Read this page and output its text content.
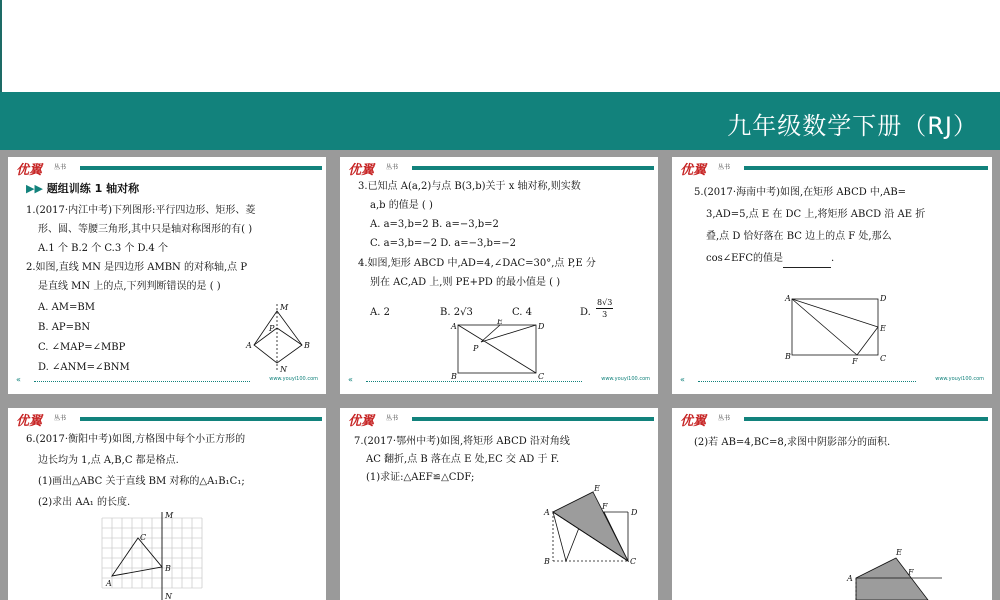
九年级数学下册（RJ）
优翼 丛书
▶▶ 题组训练 1 轴对称
1.(2017·内江中考)下列图形:平行四边形、矩形、菱
形、圆、等腰三角形,其中只是轴对称图形的有( )
A.1 个 B.2 个 C.3 个 D.4 个
2.如图,直线 MN 是四边形 AMBN 的对称轴,点 P
是直线 MN 上的点,下列判断错误的是 ( )
A. AM=BM
B. AP=BN
C. ∠MAP=∠MBP
D. ∠ANM=∠BNM
M
P
A	B
N
«	www.youyi100.com
优翼 丛书
3.已知点 A(a,2)与点 B(3,b)关于 x 轴对称,则实数
a,b 的值是 ( )
A. a=3,b=2 B. a=−3,b=2
C. a=3,b=−2 D. a=−3,b=−2
4.如图,矩形 ABCD 中,AD=4,∠DAC=30°,点 P,E 分
别在 AC,AD 上,则 PE+PD 的最小值是 ( )
A. 2	B. 2√3	C. 4	D. $\frac{8√3}{3}$
A
E
D
P
B	C
«	www.youyi100.com
优翼 丛书
5.(2017·海南中考)如图,在矩形 ABCD 中,AB=
3,AD=5,点 E 在 DC 上,将矩形 ABCD 沿 AE 折
叠,点 D 恰好落在 BC 边上的点 F 处,那么
cos∠EFC的值是	.
A	D
E
B
F	C
«	www.youyi100.com
优翼 丛书
6.(2017·衡阳中考)如图,方格图中每个小正方形的
边长均为 1,点 A,B,C 都是格点.
(1)画出△ABC 关于直线 BM 对称的△A₁B₁C₁;
(2)求出 AA₁ 的长度.
M
C
B
A
N
优翼 丛书
7.(2017·鄂州中考)如图,将矩形 ABCD 沿对角线
AC 翻折,点 B 落在点 E 处,EC 交 AD 于 F.
(1)求证:△AEF≌△CDF;
E
A
F
D
B	C
优翼 丛书
(2)若 AB=4,BC=8,求图中阴影部分的面积.
E
A
F
